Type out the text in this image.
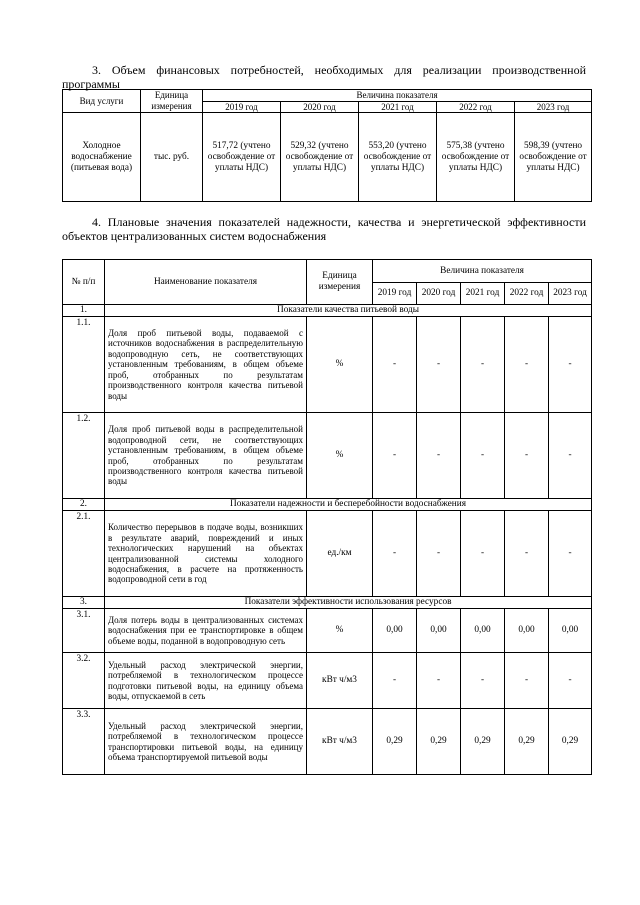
3. Объем финансовых потребностей, необходимых для реализации производственной программы
Вид услуги	Единица измерения	Величина показателя				
		2019 год	2020 год	2021 год	2022 год	2023 год
Холодное водоснабжение (питьевая вода)	тыс. руб.	517,72 (учтено освобождение от уплаты НДС)	529,32 (учтено освобождение от уплаты НДС)	553,20 (учтено освобождение от уплаты НДС)	575,38 (учтено освобождение от уплаты НДС)	598,39 (учтено освобождение от уплаты НДС)
4. Плановые значения показателей надежности, качества и энергетической эффективности объектов централизованных систем водоснабжения
№ п/п	Наименование показателя	Единица измерения	Величина показателя				
			2019 год	2020 год	2021 год	2022 год	2023 год
1.	Показатели качества питьевой воды						
1.1.	Доля проб питьевой воды, подаваемой с источников водоснабжения в распределительную водопроводную сеть, не соответствующих установленным требованиям, в общем объеме проб, отобранных по результатам производственного контроля качества питьевой воды	%	-	-	-	-	-
1.2.	Доля проб питьевой воды в распределительной водопроводной сети, не соответствующих установленным требованиям, в общем объеме проб, отобранных по результатам производственного контроля качества питьевой воды	%	-	-	-	-	-
2.	Показатели надежности и бесперебойности водоснабжения						
2.1.	Количество перерывов в подаче воды, возникших в результате аварий, повреждений и иных технологических нарушений на объектах централизованной системы холодного водоснабжения, в расчете на протяженность водопроводной сети в год	ед./км	-	-	-	-	-
3.	Показатели эффективности использования ресурсов						
3.1.	Доля потерь воды в централизованных системах водоснабжения при ее транспортировке в общем объеме воды, поданной в водопроводную сеть	%	0,00	0,00	0,00	0,00	0,00
3.2.	Удельный расход электрической энергии, потребляемой в технологическом процессе подготовки питьевой воды, на единицу объема воды, отпускаемой в сеть	кВт ч/м3	-	-	-	-	-
3.3.	Удельный расход электрической энергии, потребляемой в технологическом процессе транспортировки питьевой воды, на единицу объема транспортируемой питьевой воды	кВт ч/м3	0,29	0,29	0,29	0,29	0,29
